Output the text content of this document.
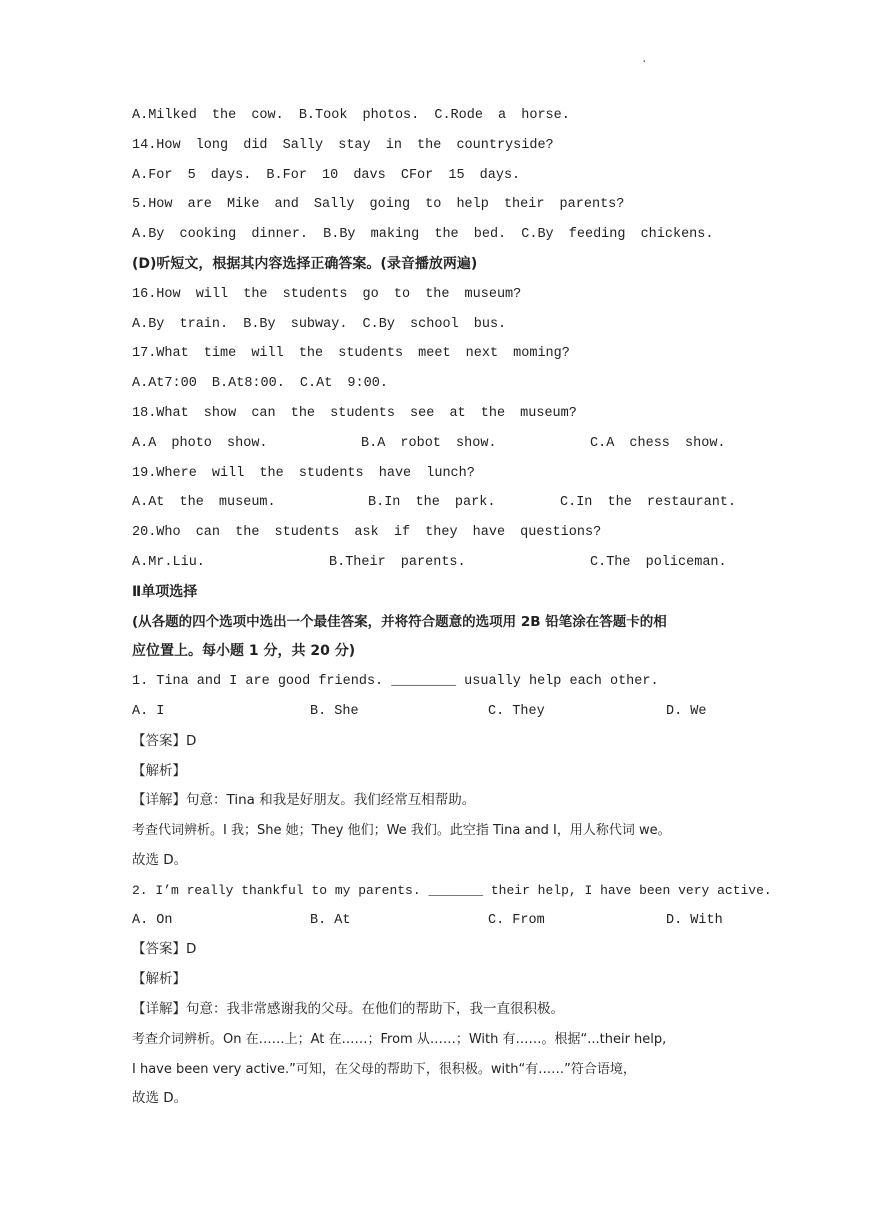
.
A.Milked the cow. B.Took photos. C.Rode a horse.
14.How long did Sally stay in the countryside?
A.For 5 days. B.For 10 davs CFor 15 days.
5.How are Mike and Sally going to help their parents?
A.By cooking dinner. B.By making the bed. C.By feeding chickens.
(D)听短文，根据其内容选择正确答案。(录音播放两遍)
16.How will the students go to the museum?
A.By train. B.By subway. C.By school bus.
17.What time will the students meet next moming?
A.At7:00 B.At8:00. C.At 9:00.
18.What show can the students see at the museum?
A.A photo show.	B.A robot show.	C.A chess show.
19.Where will the students have lunch?
A.At the museum.	B.In the park.	C.In the restaurant.
20.Who can the students ask if they have questions?
A.Mr.Liu.	B.Their parents.	C.The policeman.
Ⅱ单项选择
(从各题的四个选项中选出一个最佳答案，并将符合题意的选项用 2B 铅笔涂在答题卡的相
应位置上。每小题 1 分，共 20 分)
1. Tina and I are good friends. ________ usually help each other.
A. I	B. She	C. They	D. We
【答案】D
【解析】
【详解】句意：Tina 和我是好朋友。我们经常互相帮助。
考查代词辨析。I 我；She 她；They 他们；We 我们。此空指 Tina and I，用人称代词 we。
故选 D。
2. I’m really thankful to my parents. _______ their help, I have been very active.
A. On	B. At	C. From	D. With
【答案】D
【解析】
【详解】句意：我非常感谢我的父母。在他们的帮助下，我一直很积极。
考查介词辨析。On 在……上；At 在……；From 从……；With 有……。根据“...their help,
I have been very active.”可知，在父母的帮助下，很积极。with“有……”符合语境，
故选 D。
